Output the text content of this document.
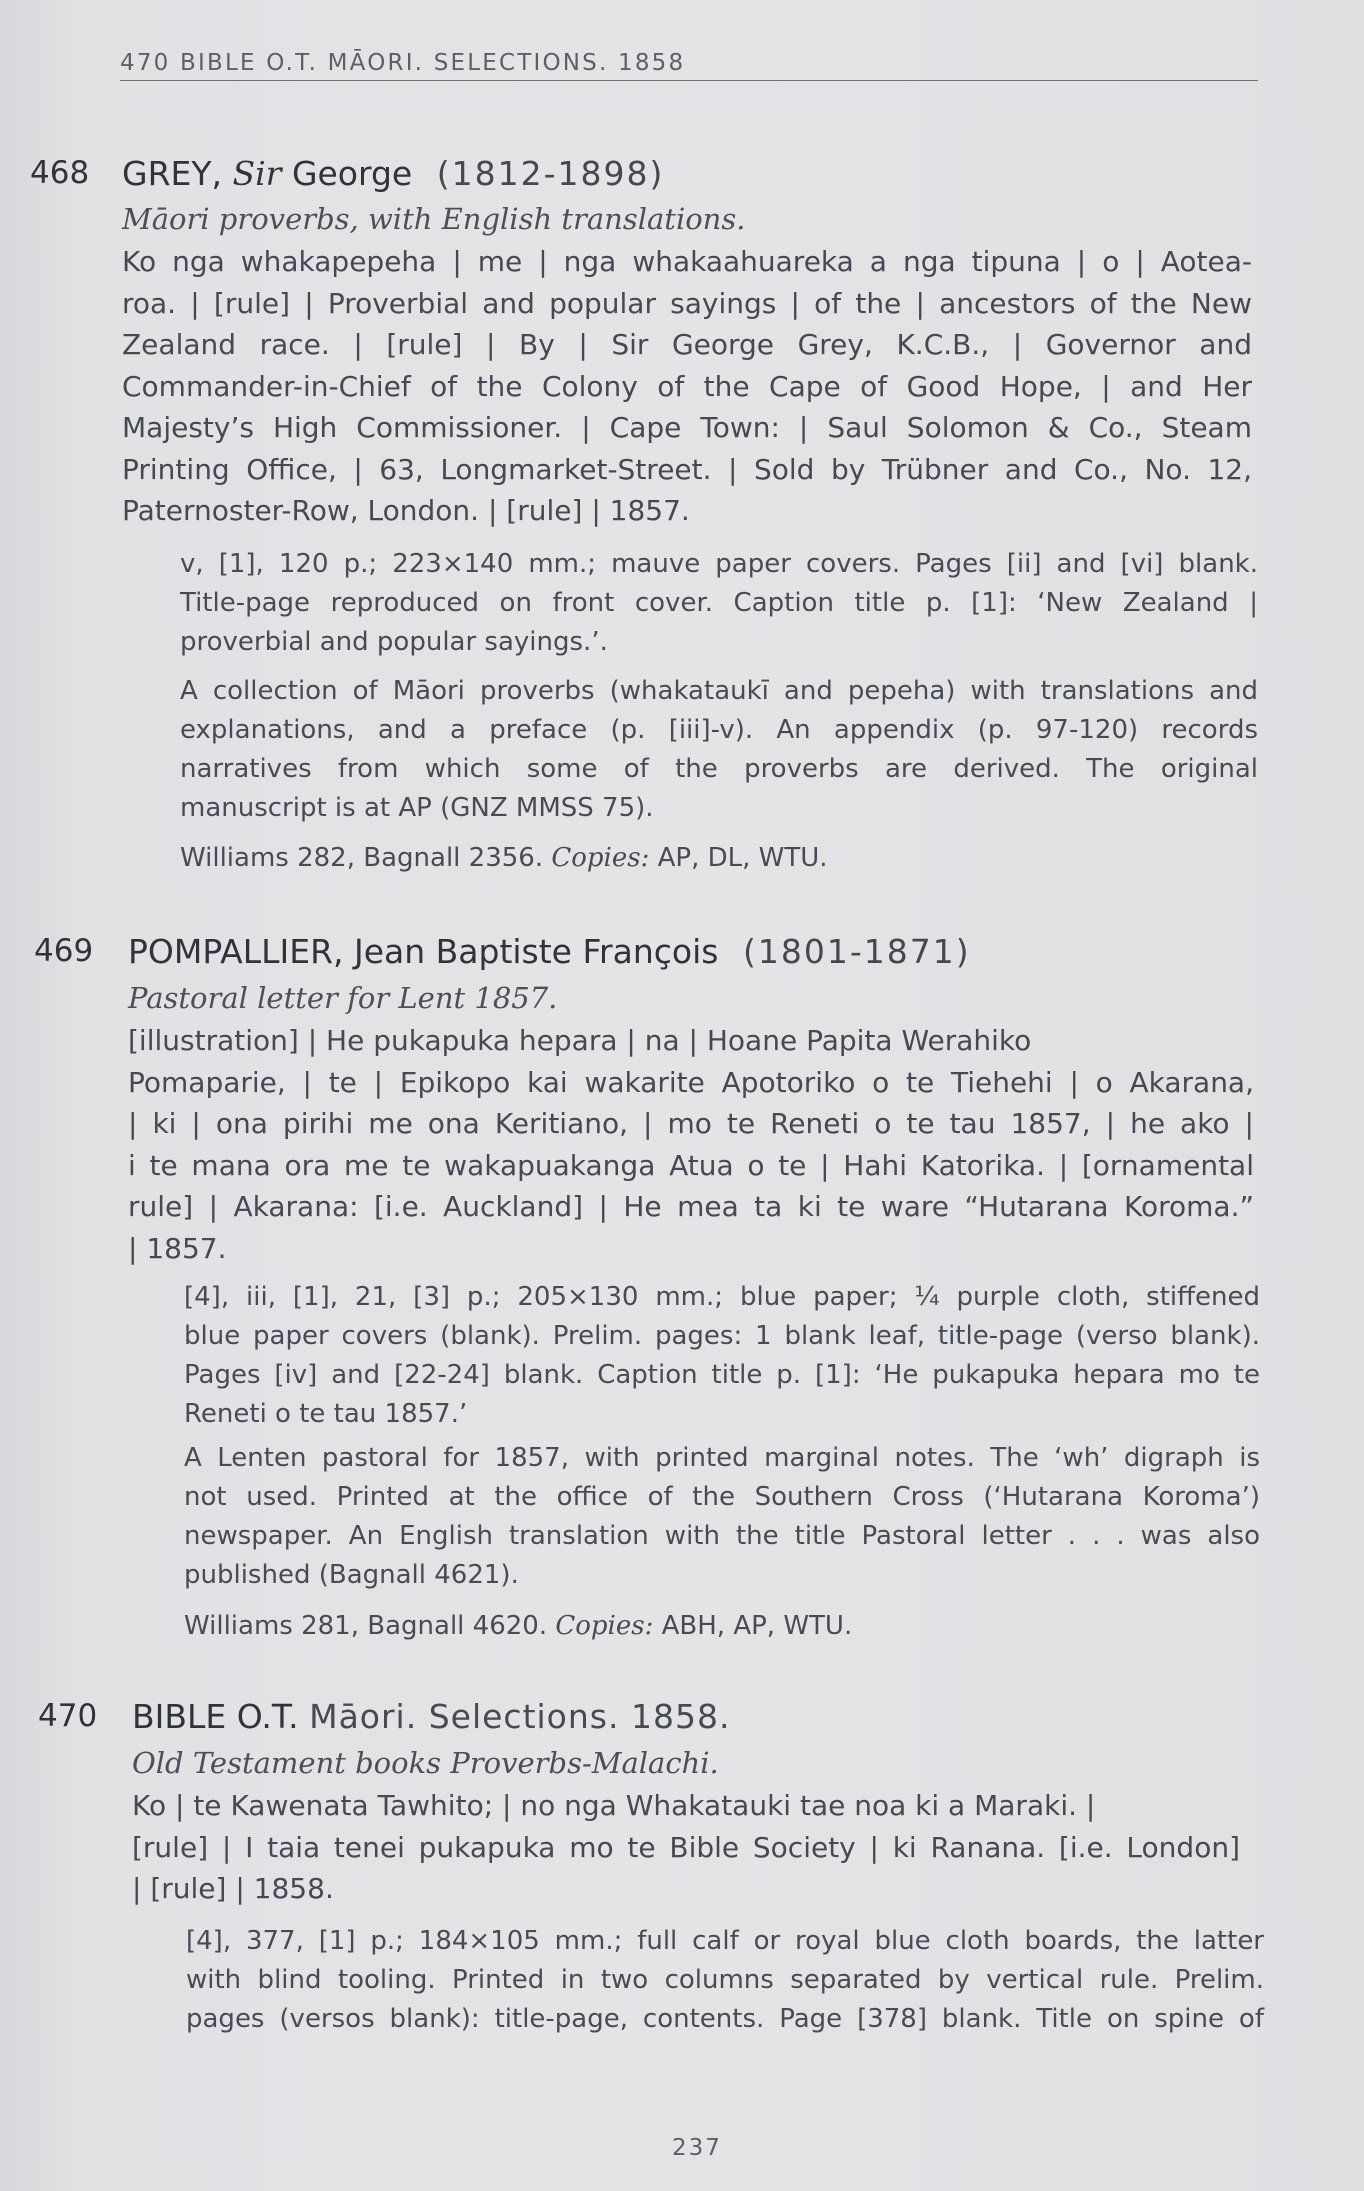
470 BIBLE O.T. MĀORI. SELECTIONS. 1858
468 GREY, Sir George (1812-1898)
Māori proverbs, with English translations.
Ko nga whakapepeha | me | nga whakaahuareka a nga tipuna | o | Aotea-
roa. | [rule] | Proverbial and popular sayings | of the | ancestors of the New
Zealand race. | [rule] | By | Sir George Grey, K.C.B., | Governor and
Commander-in-Chief of the Colony of the Cape of Good Hope, | and Her
Majesty’s High Commissioner. | Cape Town: | Saul Solomon & Co., Steam
Printing Office, | 63, Longmarket-Street. | Sold by Trübner and Co., No. 12,
Paternoster-Row, London. | [rule] | 1857.
v, [1], 120 p.; 223×140 mm.; mauve paper covers. Pages [ii] and [vi] blank.
Title-page reproduced on front cover. Caption title p. [1]: ‘New Zealand |
proverbial and popular sayings.’.
A collection of Māori proverbs (whakataukī and pepeha) with translations and
explanations, and a preface (p. [iii]-v). An appendix (p. 97-120) records
narratives from which some of the proverbs are derived. The original
manuscript is at AP (GNZ MMSS 75).
Williams 282, Bagnall 2356. Copies: AP, DL, WTU.
469 POMPALLIER, Jean Baptiste François (1801-1871)
Pastoral letter for Lent 1857.
[illustration] | He pukapuka hepara | na | Hoane Papita Werahiko
Pomaparie, | te | Epikopo kai wakarite Apotoriko o te Tiehehi | o Akarana,
| ki | ona pirihi me ona Keritiano, | mo te Reneti o te tau 1857, | he ako |
i te mana ora me te wakapuakanga Atua o te | Hahi Katorika. | [ornamental
rule] | Akarana: [i.e. Auckland] | He mea ta ki te ware “Hutarana Koroma.”
| 1857.
[4], iii, [1], 21, [3] p.; 205×130 mm.; blue paper; ¼ purple cloth, stiffened
blue paper covers (blank). Prelim. pages: 1 blank leaf, title-page (verso blank).
Pages [iv] and [22-24] blank. Caption title p. [1]: ‘He pukapuka hepara mo te
Reneti o te tau 1857.’
A Lenten pastoral for 1857, with printed marginal notes. The ‘wh’ digraph is
not used. Printed at the office of the Southern Cross (‘Hutarana Koroma’)
newspaper. An English translation with the title Pastoral letter . . . was also
published (Bagnall 4621).
Williams 281, Bagnall 4620. Copies: ABH, AP, WTU.
470 BIBLE O.T. Māori. Selections. 1858.
Old Testament books Proverbs-Malachi.
Ko | te Kawenata Tawhito; | no nga Whakatauki tae noa ki a Maraki. |
[rule] | I taia tenei pukapuka mo te Bible Society | ki Ranana. [i.e. London]
| [rule] | 1858.
[4], 377, [1] p.; 184×105 mm.; full calf or royal blue cloth boards, the latter
with blind tooling. Printed in two columns separated by vertical rule. Prelim.
pages (versos blank): title-page, contents. Page [378] blank. Title on spine of
237
